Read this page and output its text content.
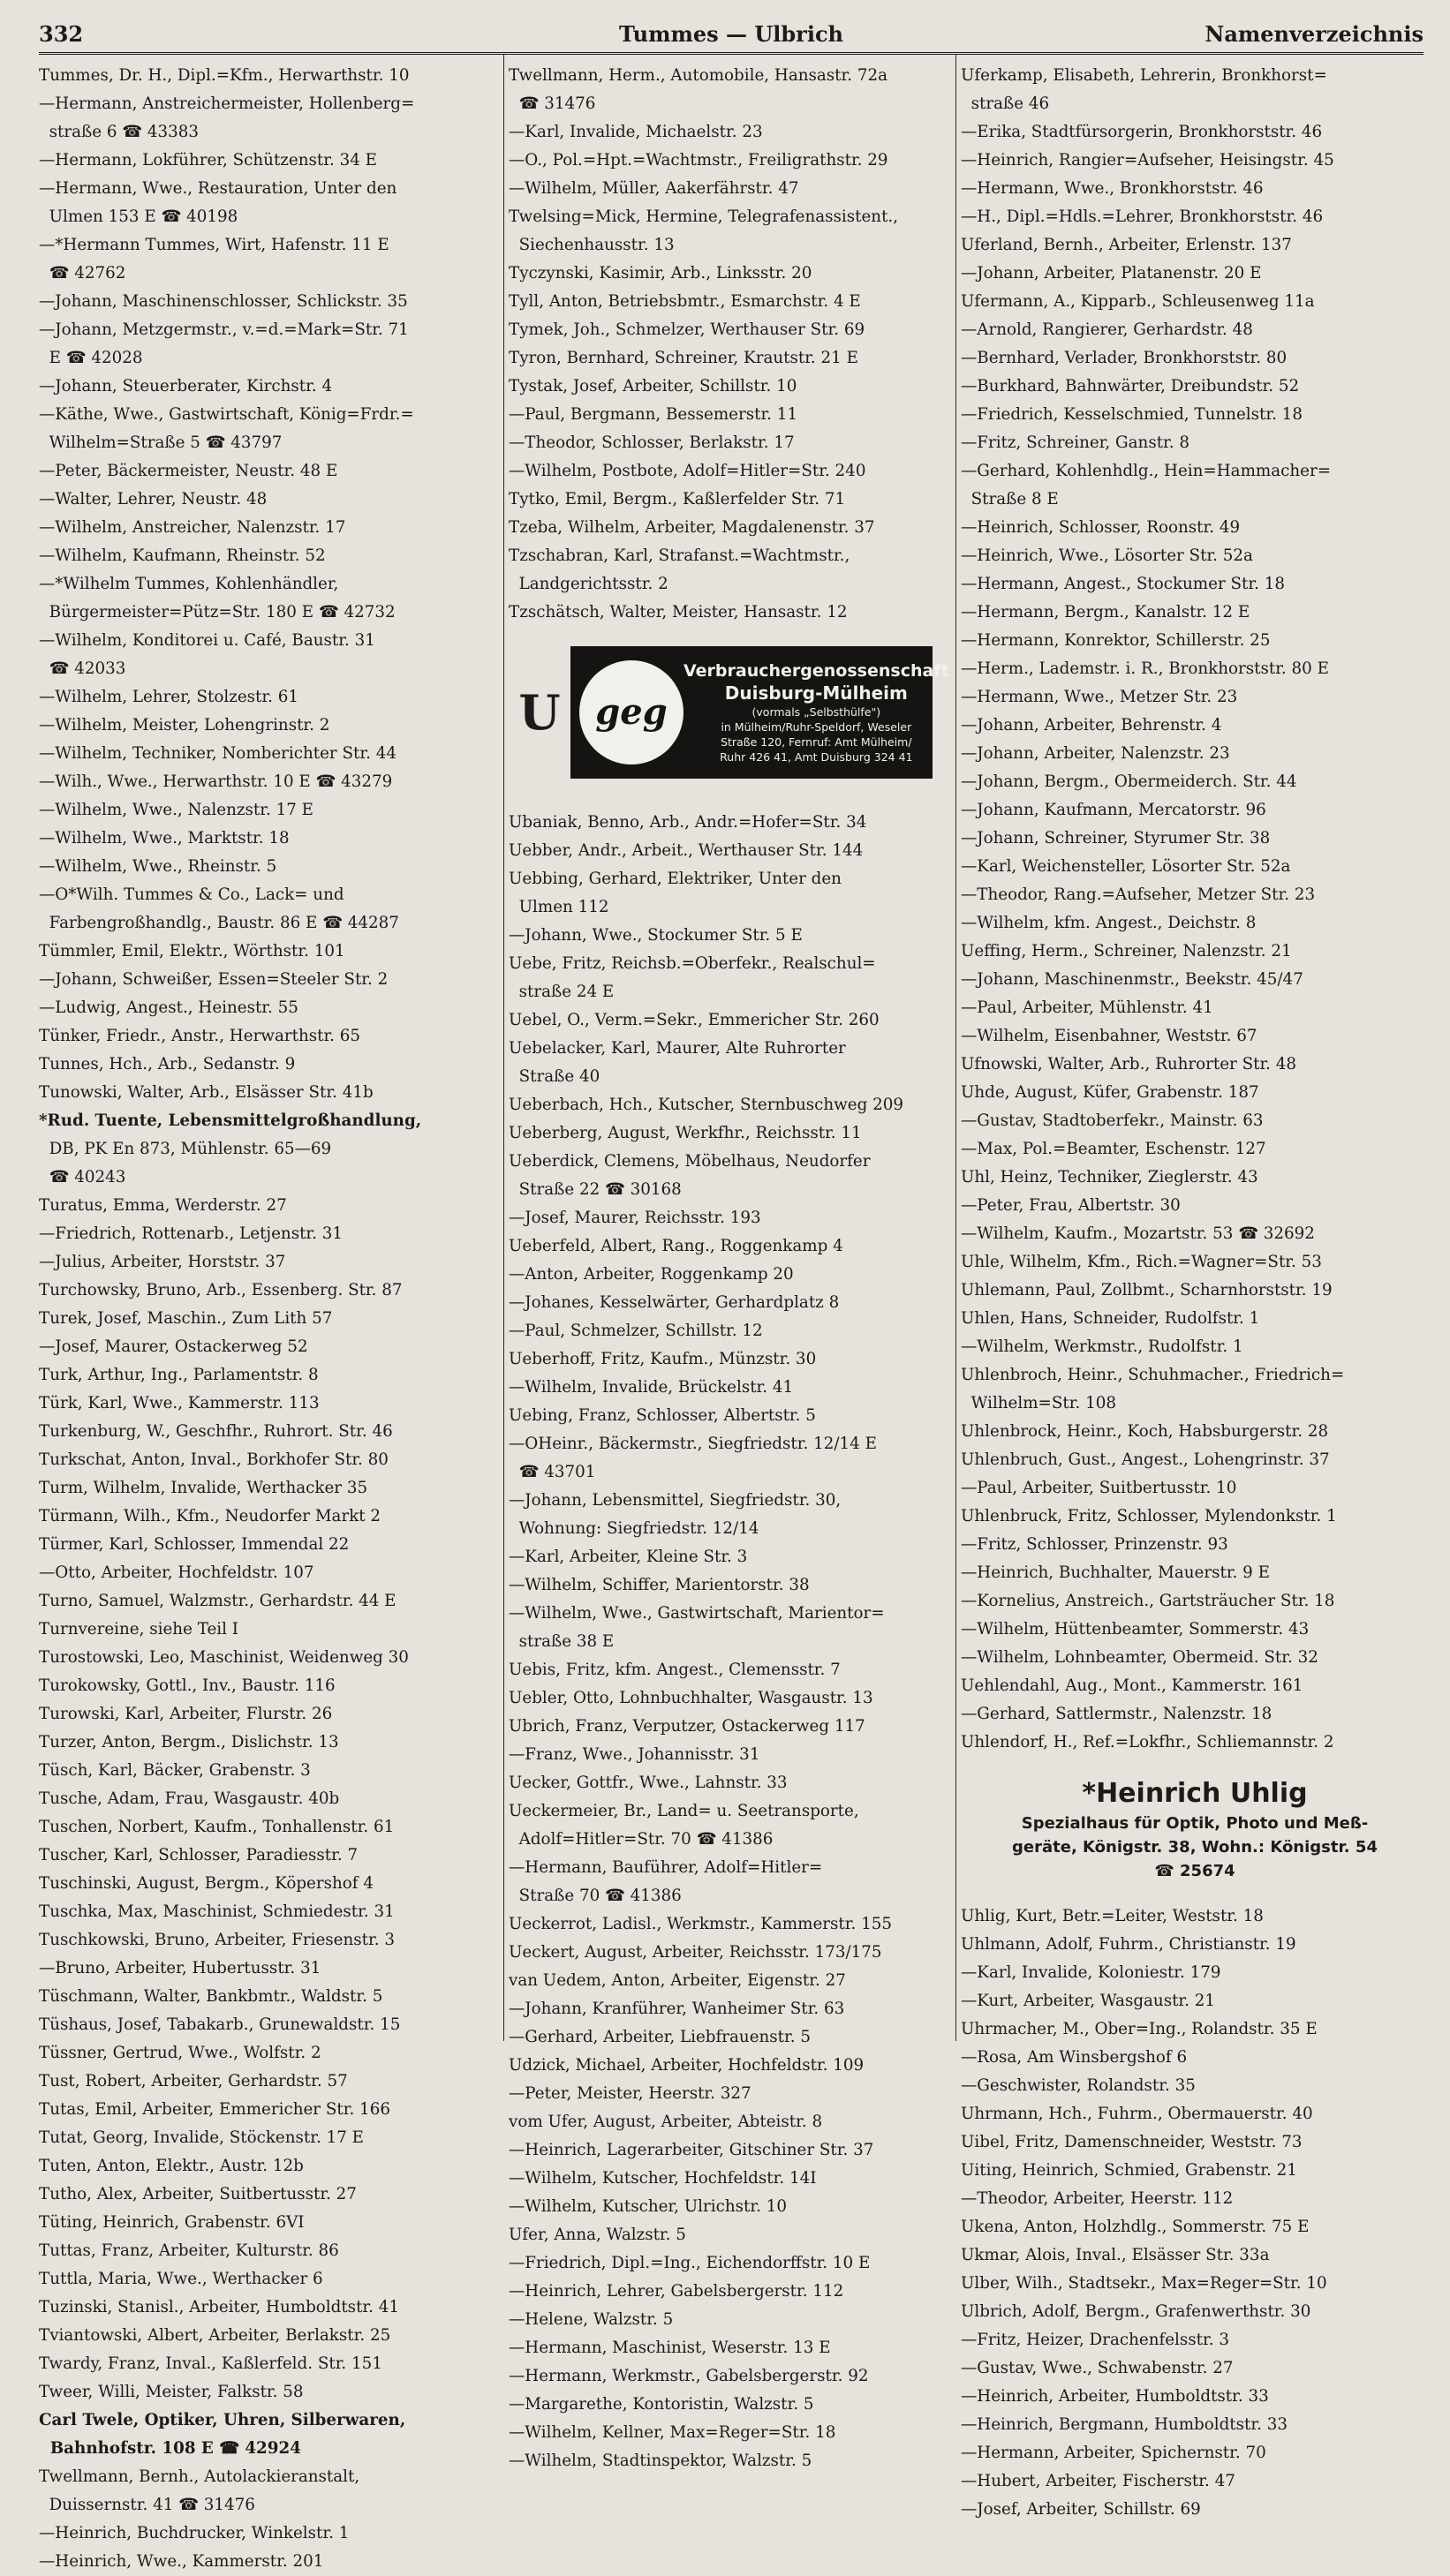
332	Tummes — Ulbrich	Namenverzeichnis
Tummes, Dr. H., Dipl.=Kfm., Herwarthstr. 10
—Hermann, Anstreichermeister, Hollenberg=
straße 6 ☎ 43383
—Hermann, Lokführer, Schützenstr. 34 E
—Hermann, Wwe., Restauration, Unter den
Ulmen 153 E ☎ 40198
—*Hermann Tummes, Wirt, Hafenstr. 11 E
☎ 42762
—Johann, Maschinenschlosser, Schlickstr. 35
—Johann, Metzgermstr., v.=d.=Mark=Str. 71
E ☎ 42028
—Johann, Steuerberater, Kirchstr. 4
—Käthe, Wwe., Gastwirtschaft, König=Frdr.=
Wilhelm=Straße 5 ☎ 43797
—Peter, Bäckermeister, Neustr. 48 E
—Walter, Lehrer, Neustr. 48
—Wilhelm, Anstreicher, Nalenzstr. 17
—Wilhelm, Kaufmann, Rheinstr. 52
—*Wilhelm Tummes, Kohlenhändler,
Bürgermeister=Pütz=Str. 180 E ☎ 42732
—Wilhelm, Konditorei u. Café, Baustr. 31
☎ 42033
—Wilhelm, Lehrer, Stolzestr. 61
—Wilhelm, Meister, Lohengrinstr. 2
—Wilhelm, Techniker, Nomberichter Str. 44
—Wilh., Wwe., Herwarthstr. 10 E ☎ 43279
—Wilhelm, Wwe., Nalenzstr. 17 E
—Wilhelm, Wwe., Marktstr. 18
—Wilhelm, Wwe., Rheinstr. 5
—O*Wilh. Tummes & Co., Lack= und
Farbengroßhandlg., Baustr. 86 E ☎ 44287
Tümmler, Emil, Elektr., Wörthstr. 101
—Johann, Schweißer, Essen=Steeler Str. 2
—Ludwig, Angest., Heinestr. 55
Tünker, Friedr., Anstr., Herwarthstr. 65
Tunnes, Hch., Arb., Sedanstr. 9
Tunowski, Walter, Arb., Elsässer Str. 41b
*Rud. Tuente, Lebensmittelgroßhandlung,
DB, PK En 873, Mühlenstr. 65—69
☎ 40243
Turatus, Emma, Werderstr. 27
—Friedrich, Rottenarb., Letjenstr. 31
—Julius, Arbeiter, Horststr. 37
Turchowsky, Bruno, Arb., Essenberg. Str. 87
Turek, Josef, Maschin., Zum Lith 57
—Josef, Maurer, Ostackerweg 52
Turk, Arthur, Ing., Parlamentstr. 8
Türk, Karl, Wwe., Kammerstr. 113
Turkenburg, W., Geschfhr., Ruhrort. Str. 46
Turkschat, Anton, Inval., Borkhofer Str. 80
Turm, Wilhelm, Invalide, Werthacker 35
Türmann, Wilh., Kfm., Neudorfer Markt 2
Türmer, Karl, Schlosser, Immendal 22
—Otto, Arbeiter, Hochfeldstr. 107
Turno, Samuel, Walzmstr., Gerhardstr. 44 E
Turnvereine, siehe Teil I
Turostowski, Leo, Maschinist, Weidenweg 30
Turokowsky, Gottl., Inv., Baustr. 116
Turowski, Karl, Arbeiter, Flurstr. 26
Turzer, Anton, Bergm., Dislichstr. 13
Tüsch, Karl, Bäcker, Grabenstr. 3
Tusche, Adam, Frau, Wasgaustr. 40b
Tuschen, Norbert, Kaufm., Tonhallenstr. 61
Tuscher, Karl, Schlosser, Paradiesstr. 7
Tuschinski, August, Bergm., Köpershof 4
Tuschka, Max, Maschinist, Schmiedestr. 31
Tuschkowski, Bruno, Arbeiter, Friesenstr. 3
—Bruno, Arbeiter, Hubertusstr. 31
Tüschmann, Walter, Bankbmtr., Waldstr. 5
Tüshaus, Josef, Tabakarb., Grunewaldstr. 15
Tüssner, Gertrud, Wwe., Wolfstr. 2
Tust, Robert, Arbeiter, Gerhardstr. 57
Tutas, Emil, Arbeiter, Emmericher Str. 166
Tutat, Georg, Invalide, Stöckenstr. 17 E
Tuten, Anton, Elektr., Austr. 12b
Tutho, Alex, Arbeiter, Suitbertusstr. 27
Tüting, Heinrich, Grabenstr. 6VI
Tuttas, Franz, Arbeiter, Kulturstr. 86
Tuttla, Maria, Wwe., Werthacker 6
Tuzinski, Stanisl., Arbeiter, Humboldtstr. 41
Tviantowski, Albert, Arbeiter, Berlakstr. 25
Twardy, Franz, Inval., Kaßlerfeld. Str. 151
Tweer, Willi, Meister, Falkstr. 58
Carl Twele, Optiker, Uhren, Silberwaren,
Bahnhofstr. 108 E ☎ 42924
Twellmann, Bernh., Autolackieranstalt,
Duissernstr. 41 ☎ 31476
—Heinrich, Buchdrucker, Winkelstr. 1
—Heinrich, Wwe., Kammerstr. 201
Twellmann, Herm., Automobile, Hansastr. 72a
☎ 31476
—Karl, Invalide, Michaelstr. 23
—O., Pol.=Hpt.=Wachtmstr., Freiligrathstr. 29
—Wilhelm, Müller, Aakerfährstr. 47
Twelsing=Mick, Hermine, Telegrafenassistent.,
Siechenhausstr. 13
Tyczynski, Kasimir, Arb., Linksstr. 20
Tyll, Anton, Betriebsbmtr., Esmarchstr. 4 E
Tymek, Joh., Schmelzer, Werthauser Str. 69
Tyron, Bernhard, Schreiner, Krautstr. 21 E
Tystak, Josef, Arbeiter, Schillstr. 10
—Paul, Bergmann, Bessemerstr. 11
—Theodor, Schlosser, Berlakstr. 17
—Wilhelm, Postbote, Adolf=Hitler=Str. 240
Tytko, Emil, Bergm., Kaßlerfelder Str. 71
Tzeba, Wilhelm, Arbeiter, Magdalenenstr. 37
Tzschabran, Karl, Strafanst.=Wachtmstr.,
Landgerichtsstr. 2
Tzschätsch, Walter, Meister, Hansastr. 12
U geg
Verbrauchergenossenschaft
Duisburg-Mülheim
(vormals „Selbsthülfe")
in Mülheim/Ruhr-Speldorf, Weseler
Straße 120, Fernruf: Amt Mülheim/
Ruhr 426 41, Amt Duisburg 324 41
Ubaniak, Benno, Arb., Andr.=Hofer=Str. 34
Uebber, Andr., Arbeit., Werthauser Str. 144
Uebbing, Gerhard, Elektriker, Unter den
Ulmen 112
—Johann, Wwe., Stockumer Str. 5 E
Uebe, Fritz, Reichsb.=Oberfekr., Realschul=
straße 24 E
Uebel, O., Verm.=Sekr., Emmericher Str. 260
Uebelacker, Karl, Maurer, Alte Ruhrorter
Straße 40
Ueberbach, Hch., Kutscher, Sternbuschweg 209
Ueberberg, August, Werkfhr., Reichsstr. 11
Ueberdick, Clemens, Möbelhaus, Neudorfer
Straße 22 ☎ 30168
—Josef, Maurer, Reichsstr. 193
Ueberfeld, Albert, Rang., Roggenkamp 4
—Anton, Arbeiter, Roggenkamp 20
—Johanes, Kesselwärter, Gerhardplatz 8
—Paul, Schmelzer, Schillstr. 12
Ueberhoff, Fritz, Kaufm., Münzstr. 30
—Wilhelm, Invalide, Brückelstr. 41
Uebing, Franz, Schlosser, Albertstr. 5
—OHeinr., Bäckermstr., Siegfriedstr. 12/14 E
☎ 43701
—Johann, Lebensmittel, Siegfriedstr. 30,
Wohnung: Siegfriedstr. 12/14
—Karl, Arbeiter, Kleine Str. 3
—Wilhelm, Schiffer, Marientorstr. 38
—Wilhelm, Wwe., Gastwirtschaft, Marientor=
straße 38 E
Uebis, Fritz, kfm. Angest., Clemensstr. 7
Uebler, Otto, Lohnbuchhalter, Wasgaustr. 13
Ubrich, Franz, Verputzer, Ostackerweg 117
—Franz, Wwe., Johannisstr. 31
Uecker, Gottfr., Wwe., Lahnstr. 33
Ueckermeier, Br., Land= u. Seetransporte,
Adolf=Hitler=Str. 70 ☎ 41386
—Hermann, Bauführer, Adolf=Hitler=
Straße 70 ☎ 41386
Ueckerrot, Ladisl., Werkmstr., Kammerstr. 155
Ueckert, August, Arbeiter, Reichsstr. 173/175
van Uedem, Anton, Arbeiter, Eigenstr. 27
—Johann, Kranführer, Wanheimer Str. 63
—Gerhard, Arbeiter, Liebfrauenstr. 5
Udzick, Michael, Arbeiter, Hochfeldstr. 109
—Peter, Meister, Heerstr. 327
vom Ufer, August, Arbeiter, Abteistr. 8
—Heinrich, Lagerarbeiter, Gitschiner Str. 37
—Wilhelm, Kutscher, Hochfeldstr. 14I
—Wilhelm, Kutscher, Ulrichstr. 10
Ufer, Anna, Walzstr. 5
—Friedrich, Dipl.=Ing., Eichendorffstr. 10 E
—Heinrich, Lehrer, Gabelsbergerstr. 112
—Helene, Walzstr. 5
—Hermann, Maschinist, Weserstr. 13 E
—Hermann, Werkmstr., Gabelsbergerstr. 92
—Margarethe, Kontoristin, Walzstr. 5
—Wilhelm, Kellner, Max=Reger=Str. 18
—Wilhelm, Stadtinspektor, Walzstr. 5
Uferkamp, Elisabeth, Lehrerin, Bronkhorst=
straße 46
—Erika, Stadtfürsorgerin, Bronkhorststr. 46
—Heinrich, Rangier=Aufseher, Heisingstr. 45
—Hermann, Wwe., Bronkhorststr. 46
—H., Dipl.=Hdls.=Lehrer, Bronkhorststr. 46
Uferland, Bernh., Arbeiter, Erlenstr. 137
—Johann, Arbeiter, Platanenstr. 20 E
Ufermann, A., Kipparb., Schleusenweg 11a
—Arnold, Rangierer, Gerhardstr. 48
—Bernhard, Verlader, Bronkhorststr. 80
—Burkhard, Bahnwärter, Dreibundstr. 52
—Friedrich, Kesselschmied, Tunnelstr. 18
—Fritz, Schreiner, Ganstr. 8
—Gerhard, Kohlenhdlg., Hein=Hammacher=
Straße 8 E
—Heinrich, Schlosser, Roonstr. 49
—Heinrich, Wwe., Lösorter Str. 52a
—Hermann, Angest., Stockumer Str. 18
—Hermann, Bergm., Kanalstr. 12 E
—Hermann, Konrektor, Schillerstr. 25
—Herm., Lademstr. i. R., Bronkhorststr. 80 E
—Hermann, Wwe., Metzer Str. 23
—Johann, Arbeiter, Behrenstr. 4
—Johann, Arbeiter, Nalenzstr. 23
—Johann, Bergm., Obermeiderch. Str. 44
—Johann, Kaufmann, Mercatorstr. 96
—Johann, Schreiner, Styrumer Str. 38
—Karl, Weichensteller, Lösorter Str. 52a
—Theodor, Rang.=Aufseher, Metzer Str. 23
—Wilhelm, kfm. Angest., Deichstr. 8
Ueffing, Herm., Schreiner, Nalenzstr. 21
—Johann, Maschinenmstr., Beekstr. 45/47
—Paul, Arbeiter, Mühlenstr. 41
—Wilhelm, Eisenbahner, Weststr. 67
Ufnowski, Walter, Arb., Ruhrorter Str. 48
Uhde, August, Küfer, Grabenstr. 187
—Gustav, Stadtoberfekr., Mainstr. 63
—Max, Pol.=Beamter, Eschenstr. 127
Uhl, Heinz, Techniker, Zieglerstr. 43
—Peter, Frau, Albertstr. 30
—Wilhelm, Kaufm., Mozartstr. 53 ☎ 32692
Uhle, Wilhelm, Kfm., Rich.=Wagner=Str. 53
Uhlemann, Paul, Zollbmt., Scharnhorststr. 19
Uhlen, Hans, Schneider, Rudolfstr. 1
—Wilhelm, Werkmstr., Rudolfstr. 1
Uhlenbroch, Heinr., Schuhmacher., Friedrich=
Wilhelm=Str. 108
Uhlenbrock, Heinr., Koch, Habsburgerstr. 28
Uhlenbruch, Gust., Angest., Lohengrinstr. 37
—Paul, Arbeiter, Suitbertusstr. 10
Uhlenbruck, Fritz, Schlosser, Mylendonkstr. 1
—Fritz, Schlosser, Prinzenstr. 93
—Heinrich, Buchhalter, Mauerstr. 9 E
—Kornelius, Anstreich., Gartsträucher Str. 18
—Wilhelm, Hüttenbeamter, Sommerstr. 43
—Wilhelm, Lohnbeamter, Obermeid. Str. 32
Uehlendahl, Aug., Mont., Kammerstr. 161
—Gerhard, Sattlermstr., Nalenzstr. 18
Uhlendorf, H., Ref.=Lokfhr., Schliemannstr. 2
*Heinrich Uhlig
Spezialhaus für Optik, Photo und Meß-
geräte, Königstr. 38, Wohn.: Königstr. 54
☎ 25674
Uhlig, Kurt, Betr.=Leiter, Weststr. 18
Uhlmann, Adolf, Fuhrm., Christianstr. 19
—Karl, Invalide, Koloniestr. 179
—Kurt, Arbeiter, Wasgaustr. 21
Uhrmacher, M., Ober=Ing., Rolandstr. 35 E
—Rosa, Am Winsbergshof 6
—Geschwister, Rolandstr. 35
Uhrmann, Hch., Fuhrm., Obermauerstr. 40
Uibel, Fritz, Damenschneider, Weststr. 73
Uiting, Heinrich, Schmied, Grabenstr. 21
—Theodor, Arbeiter, Heerstr. 112
Ukena, Anton, Holzhdlg., Sommerstr. 75 E
Ukmar, Alois, Inval., Elsässer Str. 33a
Ulber, Wilh., Stadtsekr., Max=Reger=Str. 10
Ulbrich, Adolf, Bergm., Grafenwerthstr. 30
—Fritz, Heizer, Drachenfelsstr. 3
—Gustav, Wwe., Schwabenstr. 27
—Heinrich, Arbeiter, Humboldtstr. 33
—Heinrich, Bergmann, Humboldtstr. 33
—Hermann, Arbeiter, Spichernstr. 70
—Hubert, Arbeiter, Fischerstr. 47
—Josef, Arbeiter, Schillstr. 69
